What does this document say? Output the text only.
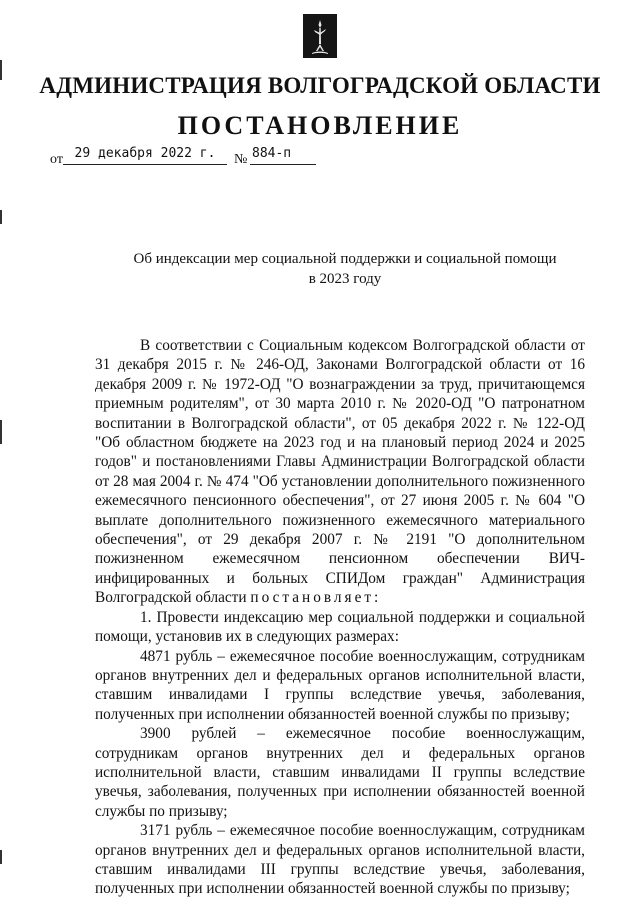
АДМИНИСТРАЦИЯ ВОЛГОГРАДСКОЙ ОБЛАСТИ
ПОСТАНОВЛЕНИЕ
от 29 декабря 2022 г.	№ 884-п
Об индексации мер социальной поддержки и социальной помощи
в 2023 году

В соответствии с Социальным кодексом Волгоградской области от 31 декабря 2015 г. № 246-ОД, Законами Волгоградской области от 16 декабря 2009 г. № 1972-ОД "О вознаграждении за труд, причитающемся приемным родителям", от 30 марта 2010 г. № 2020-ОД "О патронатном воспитании в Волгоградской области", от 05 декабря 2022 г. № 122-ОД "Об областном бюджете на 2023 год и на плановый период 2024 и 2025 годов" и постановлениями Главы Администрации Волгоградской области от 28 мая 2004 г. № 474 "Об установлении дополнительного пожизненного ежемесячного пенсионного обеспечения", от 27 июня 2005 г. № 604 "О выплате дополнительного пожизненного ежемесячного материального обеспечения", от 29 декабря 2007 г. № 2191 "О дополнительном пожизненном ежемесячном пенсионном обеспечении ВИЧ-инфицированных и больных СПИДом граждан" Администрация Волгоградской области постановляет:

1. Провести индексацию мер социальной поддержки и социальной помощи, установив их в следующих размерах:

4871 рубль – ежемесячное пособие военнослужащим, сотрудникам органов внутренних дел и федеральных органов исполнительной власти, ставшим инвалидами I группы вследствие увечья, заболевания, полученных при исполнении обязанностей военной службы по призыву;

3900 рублей – ежемесячное пособие военнослужащим, сотрудникам органов внутренних дел и федеральных органов исполнительной власти, ставшим инвалидами II группы вследствие увечья, заболевания, полученных при исполнении обязанностей военной службы по призыву;

3171 рубль – ежемесячное пособие военнослужащим, сотрудникам органов внутренних дел и федеральных органов исполнительной власти, ставшим инвалидами III группы вследствие увечья, заболевания, полученных при исполнении обязанностей военной службы по призыву;
